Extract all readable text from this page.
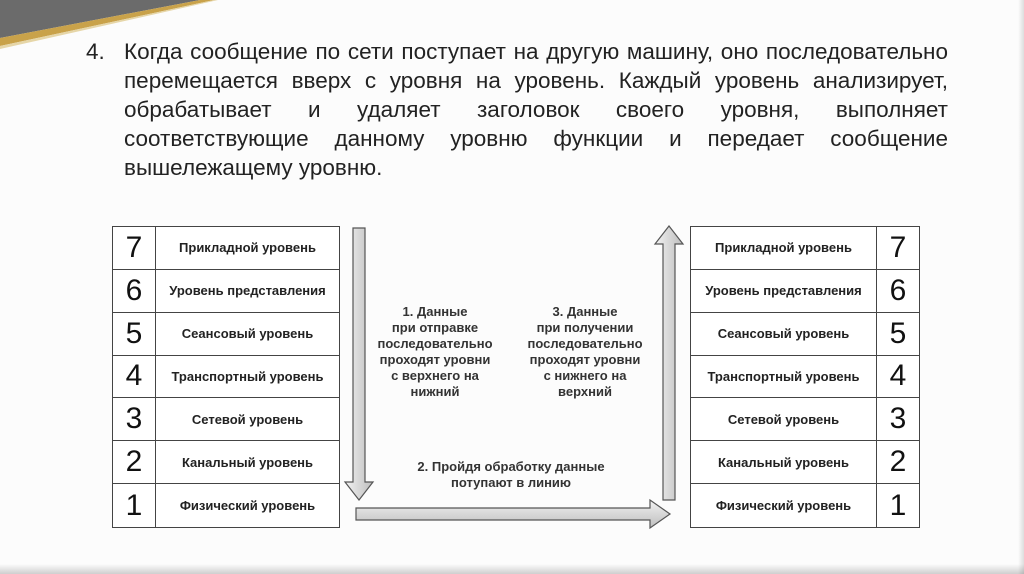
4. Когда сообщение по сети поступает на другую машину, оно последовательно перемещается вверх с уровня на уровень. Каждый уровень анализирует, обрабатывает и удаляет заголовок своего уровня, выполняет соответствующие данному уровню функции и передает сообщение вышележащему уровню.
7	Прикладной уровень
6	Уровень представления
5	Сеансовый уровень
4	Транспортный уровень
3	Сетевой уровень
2	Канальный уровень
1	Физический уровень
Прикладной уровень	7
Уровень представления 6
Сеансовый уровень	5
Транспортный уровень	4
Сетевой уровень	3
Канальный уровень	2
Физический уровень	1
1. Данные
при отправке
последовательно
проходят уровни
с верхнего на
нижний
3. Данные
при получении
последовательно
проходят уровни
с нижнего на
верхний
2. Пройдя обработку данные
потупают в линию
